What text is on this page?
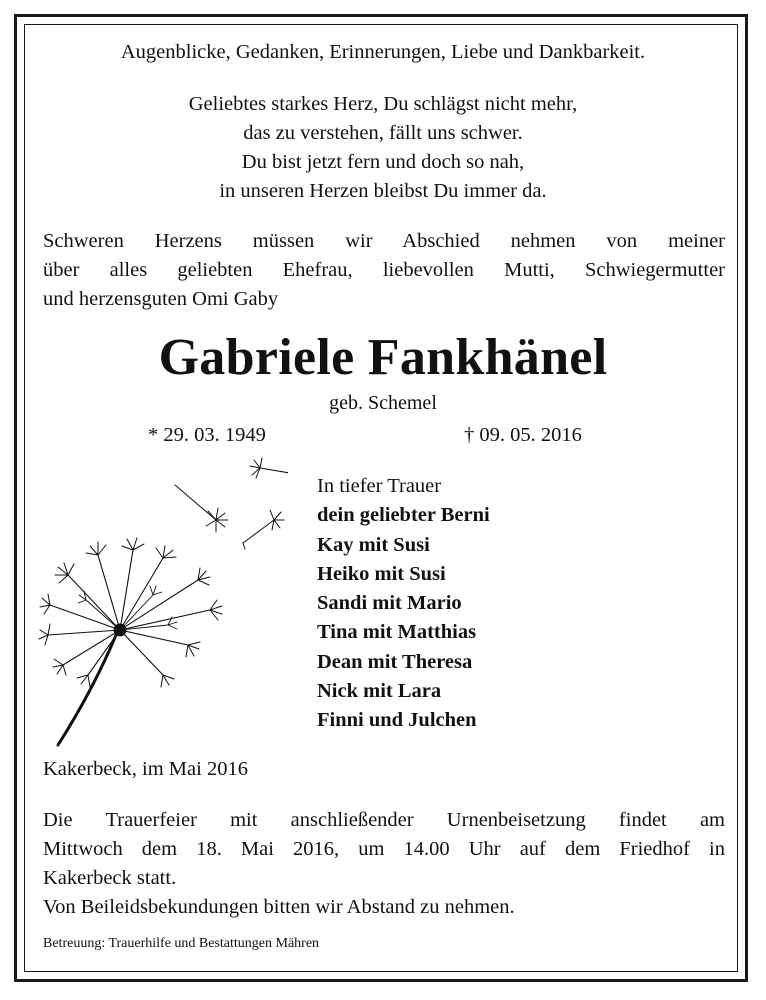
Augenblicke, Gedanken, Erinnerungen, Liebe und Dankbarkeit.
Geliebtes starkes Herz, Du schlägst nicht mehr,
das zu verstehen, fällt uns schwer.
Du bist jetzt fern und doch so nah,
in unseren Herzen bleibst Du immer da.
Schweren Herzens müssen wir Abschied nehmen von meiner
über alles geliebten Ehefrau, liebevollen Mutti, Schwiegermutter
und herzensguten Omi Gaby
Gabriele Fankhänel
geb. Schemel
* 29. 03. 1949	† 09. 05. 2016
In tiefer Trauer
dein geliebter Berni
Kay mit Susi
Heiko mit Susi
Sandi mit Mario
Tina mit Matthias
Dean mit Theresa
Nick mit Lara
Finni und Julchen
Kakerbeck, im Mai 2016
Die Trauerfeier mit anschließender Urnenbeisetzung findet am
Mittwoch dem 18. Mai 2016, um 14.00 Uhr auf dem Friedhof in
Kakerbeck statt.
Von Beileidsbekundungen bitten wir Abstand zu nehmen.
Betreuung: Trauerhilfe und Bestattungen Mähren
